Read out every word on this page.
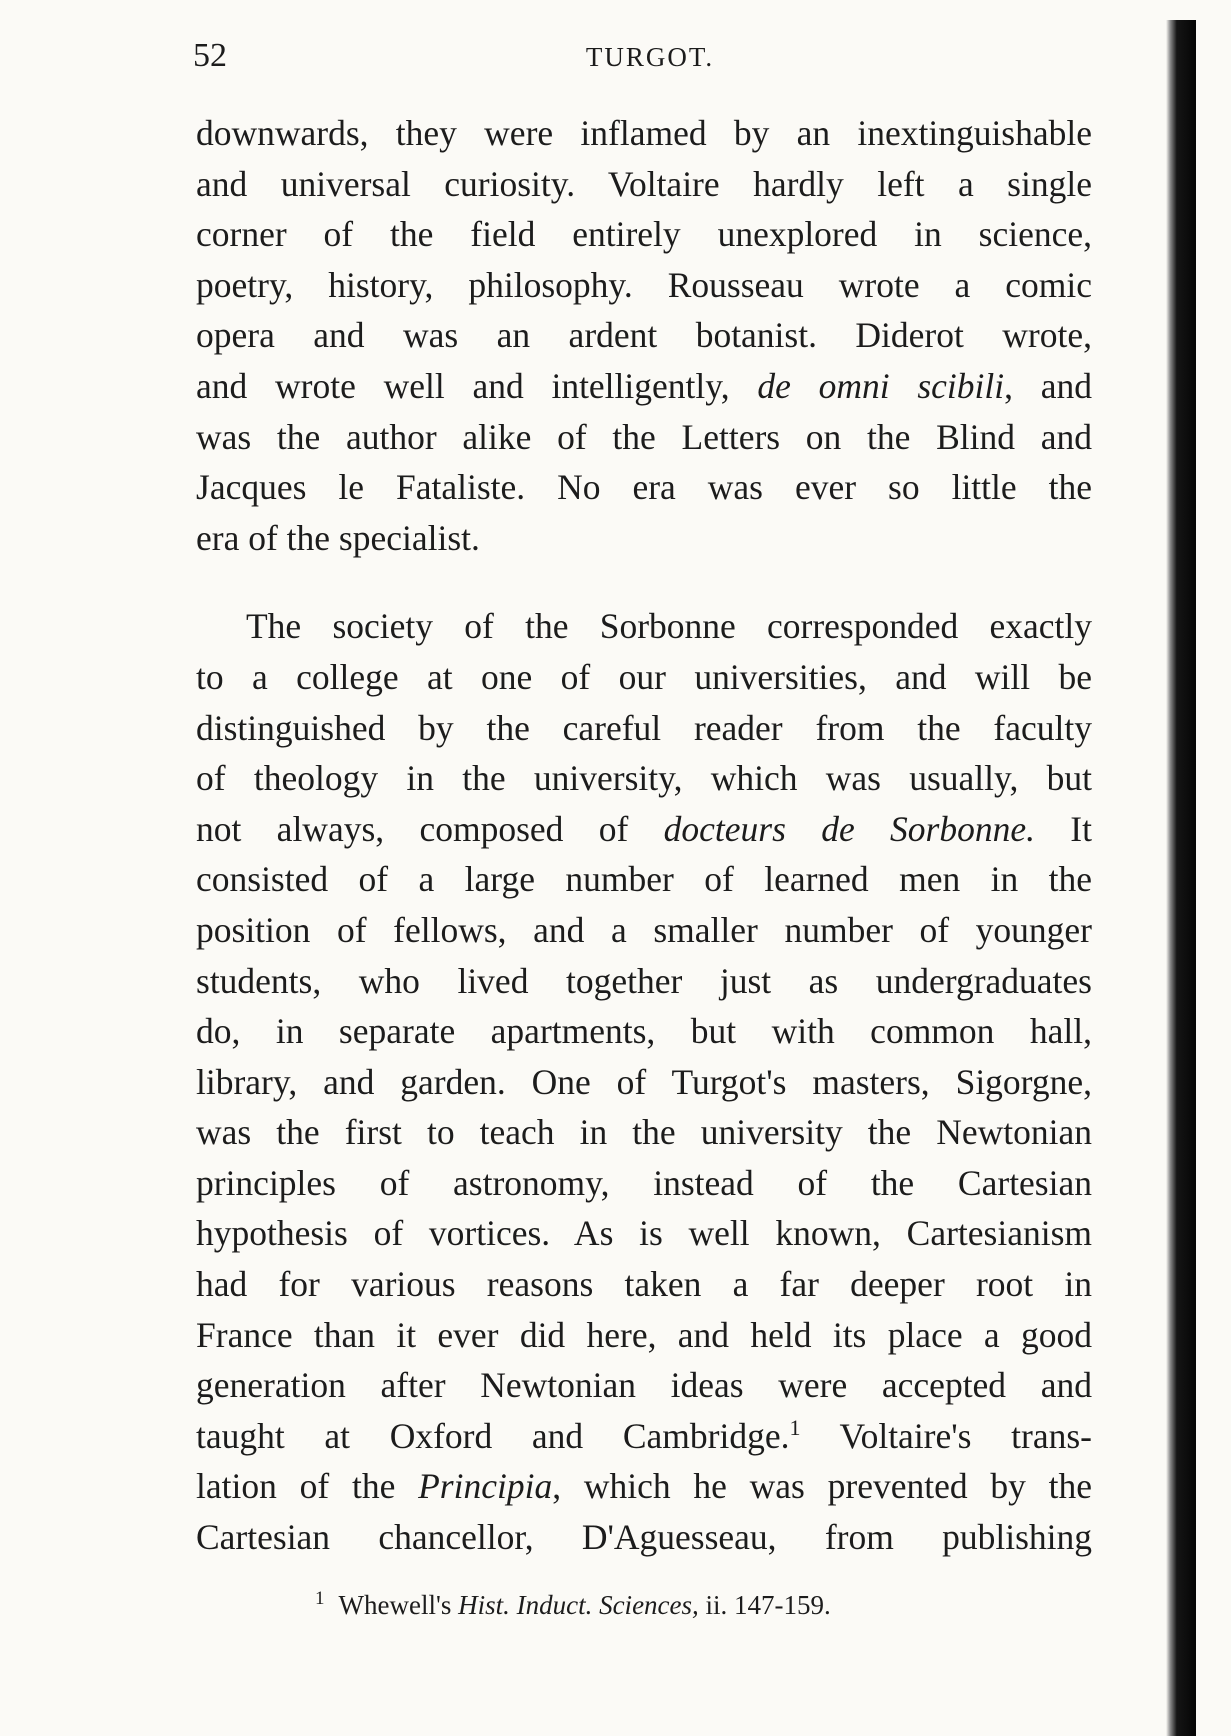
52	TURGOT.
downwards, they were inflamed by an inextinguishable
and universal curiosity. Voltaire hardly left a single
corner of the field entirely unexplored in science,
poetry, history, philosophy. Rousseau wrote a comic
opera and was an ardent botanist. Diderot wrote,
and wrote well and intelligently, de omni scibili, and
was the author alike of the Letters on the Blind and
Jacques le Fataliste. No era was ever so little the
era of the specialist.
The society of the Sorbonne corresponded exactly
to a college at one of our universities, and will be
distinguished by the careful reader from the faculty
of theology in the university, which was usually, but
not always, composed of docteurs de Sorbonne. It
consisted of a large number of learned men in the
position of fellows, and a smaller number of younger
students, who lived together just as undergraduates
do, in separate apartments, but with common hall,
library, and garden. One of Turgot's masters, Sigorgne,
was the first to teach in the university the Newtonian
principles of astronomy, instead of the Cartesian
hypothesis of vortices. As is well known, Cartesianism
had for various reasons taken a far deeper root in
France than it ever did here, and held its place a good
generation after Newtonian ideas were accepted and
taught at Oxford and Cambridge.$^1$ Voltaire's trans-
lation of the Principia, which he was prevented by the
Cartesian chancellor, D'Aguesseau, from publishing
$^1$ Whewell's Hist. Induct. Sciences, ii. 147-159.
